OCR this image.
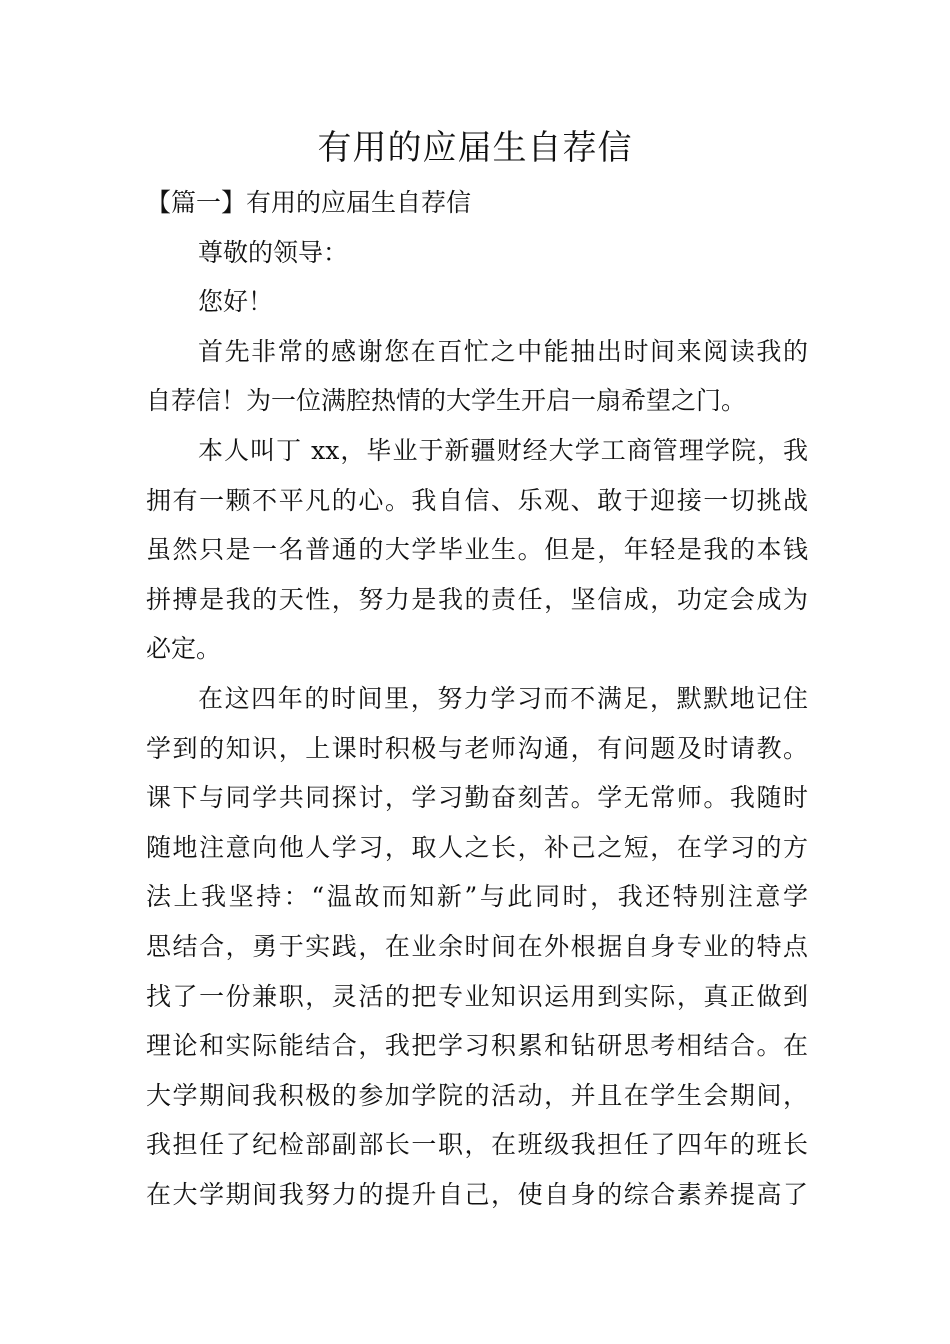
有用的应届生自荐信
【篇一】有用的应届生自荐信
尊敬的领导：
您好！
首先非常的感谢您在百忙之中能抽出时间来阅读我的
自荐信！为一位满腔热情的大学生开启一扇希望之门。
本人叫丁 xx，毕业于新疆财经大学工商管理学院，我
拥有一颗不平凡的心。我自信、乐观、敢于迎接一切挑战
虽然只是一名普通的大学毕业生。但是，年轻是我的本钱
拼搏是我的天性，努力是我的责任，坚信成，功定会成为
必定。
在这四年的时间里，努力学习而不满足，默默地记住
学到的知识，上课时积极与老师沟通，有问题及时请教。
课下与同学共同探讨，学习勤奋刻苦。学无常师。我随时
随地注意向他人学习，取人之长，补己之短，在学习的方
法上我坚持：“温故而知新”与此同时，我还特别注意学
思结合，勇于实践，在业余时间在外根据自身专业的特点
找了一份兼职，灵活的把专业知识运用到实际，真正做到
理论和实际能结合，我把学习积累和钻研思考相结合。在
大学期间我积极的参加学院的活动，并且在学生会期间，
我担任了纪检部副部长一职，在班级我担任了四年的班长
在大学期间我努力的提升自己，使自身的综合素养提高了
